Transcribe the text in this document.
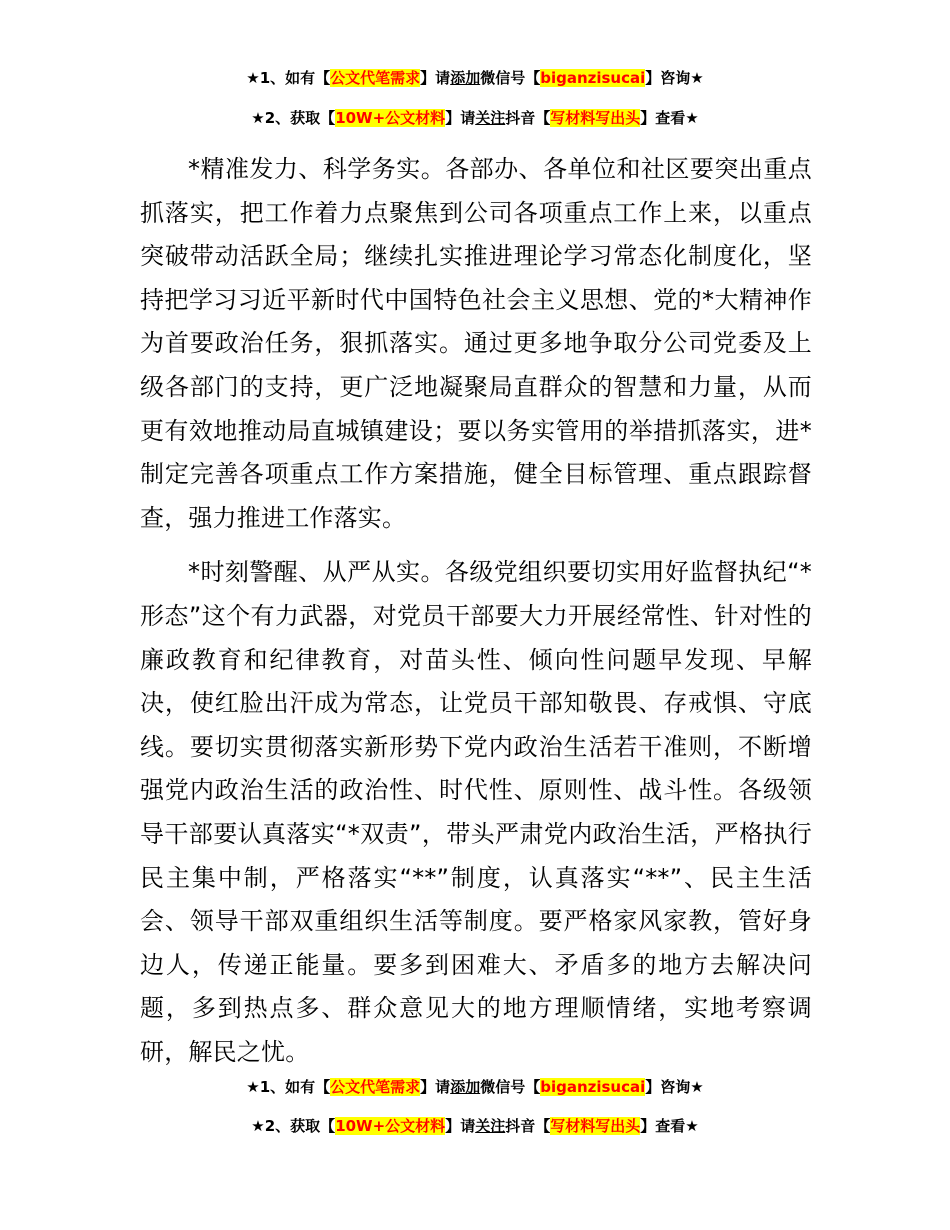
★1、如有【公文代笔需求】请添加微信号【biganzisucai】咨询★
★2、获取【10W+公文材料】请关注抖音【写材料写出头】查看★

*精准发力、科学务实。各部办、各单位和社区要突出重点抓落实，把工作着力点聚焦到公司各项重点工作上来，以重点突破带动活跃全局；继续扎实推进理论学习常态化制度化，坚持把学习习近平新时代中国特色社会主义思想、党的*大精神作为首要政治任务，狠抓落实。通过更多地争取分公司党委及上级各部门的支持，更广泛地凝聚局直群众的智慧和力量，从而更有效地推动局直城镇建设；要以务实管用的举措抓落实，进*制定完善各项重点工作方案措施，健全目标管理、重点跟踪督查，强力推进工作落实。

*时刻警醒、从严从实。各级党组织要切实用好监督执纪“*形态”这个有力武器，对党员干部要大力开展经常性、针对性的廉政教育和纪律教育，对苗头性、倾向性问题早发现、早解决，使红脸出汗成为常态，让党员干部知敬畏、存戒惧、守底线。要切实贯彻落实新形势下党内政治生活若干准则，不断增强党内政治生活的政治性、时代性、原则性、战斗性。各级领导干部要认真落实“*双责”，带头严肃党内政治生活，严格执行民主集中制，严格落实“**”制度，认真落实“**”、民主生活会、领导干部双重组织生活等制度。要严格家风家教，管好身边人，传递正能量。要多到困难大、矛盾多的地方去解决问题，多到热点多、群众意见大的地方理顺情绪，实地考察调研，解民之忧。

★1、如有【公文代笔需求】请添加微信号【biganzisucai】咨询★
★2、获取【10W+公文材料】请关注抖音【写材料写出头】查看★
